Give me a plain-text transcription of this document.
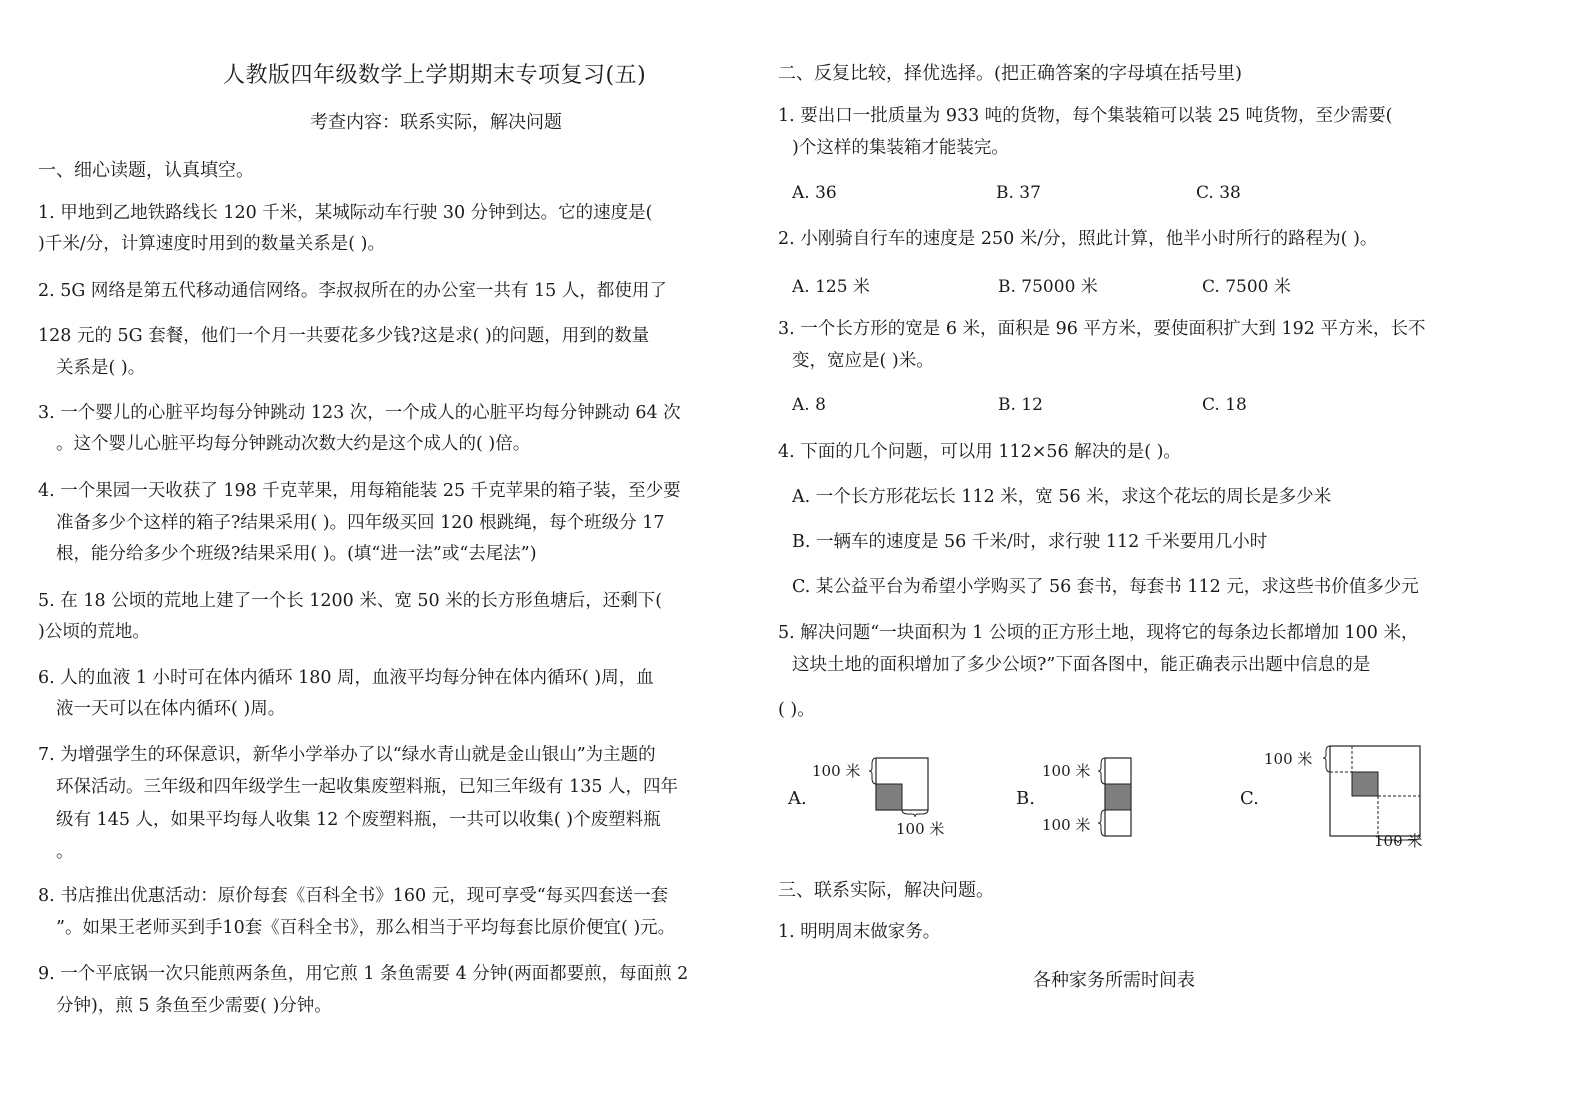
人教版四年级数学上学期期末专项复习(五)
考查内容：联系实际，解决问题
一、细心读题，认真填空。
1. 甲地到乙地铁路线长 120 千米，某城际动车行驶 30 分钟到达。它的速度是(
)千米/分，计算速度时用到的数量关系是( )。
2. 5G 网络是第五代移动通信网络。李叔叔所在的办公室一共有 15 人，都使用了
128 元的 5G 套餐，他们一个月一共要花多少钱?这是求( )的问题，用到的数量
关系是( )。
3. 一个婴儿的心脏平均每分钟跳动 123 次，一个成人的心脏平均每分钟跳动 64 次
。这个婴儿心脏平均每分钟跳动次数大约是这个成人的( )倍。
4. 一个果园一天收获了 198 千克苹果，用每箱能装 25 千克苹果的箱子装，至少要
准备多少个这样的箱子?结果采用( )。四年级买回 120 根跳绳，每个班级分 17
根，能分给多少个班级?结果采用( )。(填“进一法”或“去尾法”)
5. 在 18 公顷的荒地上建了一个长 1200 米、宽 50 米的长方形鱼塘后，还剩下(
)公顷的荒地。
6. 人的血液 1 小时可在体内循环 180 周，血液平均每分钟在体内循环( )周，血
液一天可以在体内循环( )周。
7. 为增强学生的环保意识，新华小学举办了以“绿水青山就是金山银山”为主题的
环保活动。三年级和四年级学生一起收集废塑料瓶，已知三年级有 135 人，四年
级有 145 人，如果平均每人收集 12 个废塑料瓶，一共可以收集( )个废塑料瓶
。
8. 书店推出优惠活动：原价每套《百科全书》160 元，现可享受“每买四套送一套
”。如果王老师买到手10套《百科全书》，那么相当于平均每套比原价便宜( )元。
9. 一个平底锅一次只能煎两条鱼，用它煎 1 条鱼需要 4 分钟(两面都要煎，每面煎 2
分钟)，煎 5 条鱼至少需要( )分钟。
二、反复比较，择优选择。(把正确答案的字母填在括号里)
1. 要出口一批质量为 933 吨的货物，每个集装箱可以装 25 吨货物，至少需要(
)个这样的集装箱才能装完。
A. 36	B. 37	C. 38
2. 小刚骑自行车的速度是 250 米/分，照此计算，他半小时所行的路程为( )。
A. 125 米	B. 75000 米	C. 7500 米
3. 一个长方形的宽是 6 米，面积是 96 平方米，要使面积扩大到 192 平方米，长不
变，宽应是( )米。
A. 8	B. 12	C. 18
4. 下面的几个问题，可以用 112×56 解决的是( )。
A. 一个长方形花坛长 112 米，宽 56 米，求这个花坛的周长是多少米
B. 一辆车的速度是 56 千米/时，求行驶 112 千米要用几小时
C. 某公益平台为希望小学购买了 56 套书，每套书 112 元，求这些书价值多少元
5. 解决问题“一块面积为 1 公顷的正方形土地，现将它的每条边长都增加 100 米，
这块土地的面积增加了多少公顷?”下面各图中，能正确表示出题中信息的是
( )。
A.
100 米
100 米
B.
100 米
100 米
C.
100 米
100 米
三、联系实际，解决问题。
1. 明明周末做家务。
各种家务所需时间表
